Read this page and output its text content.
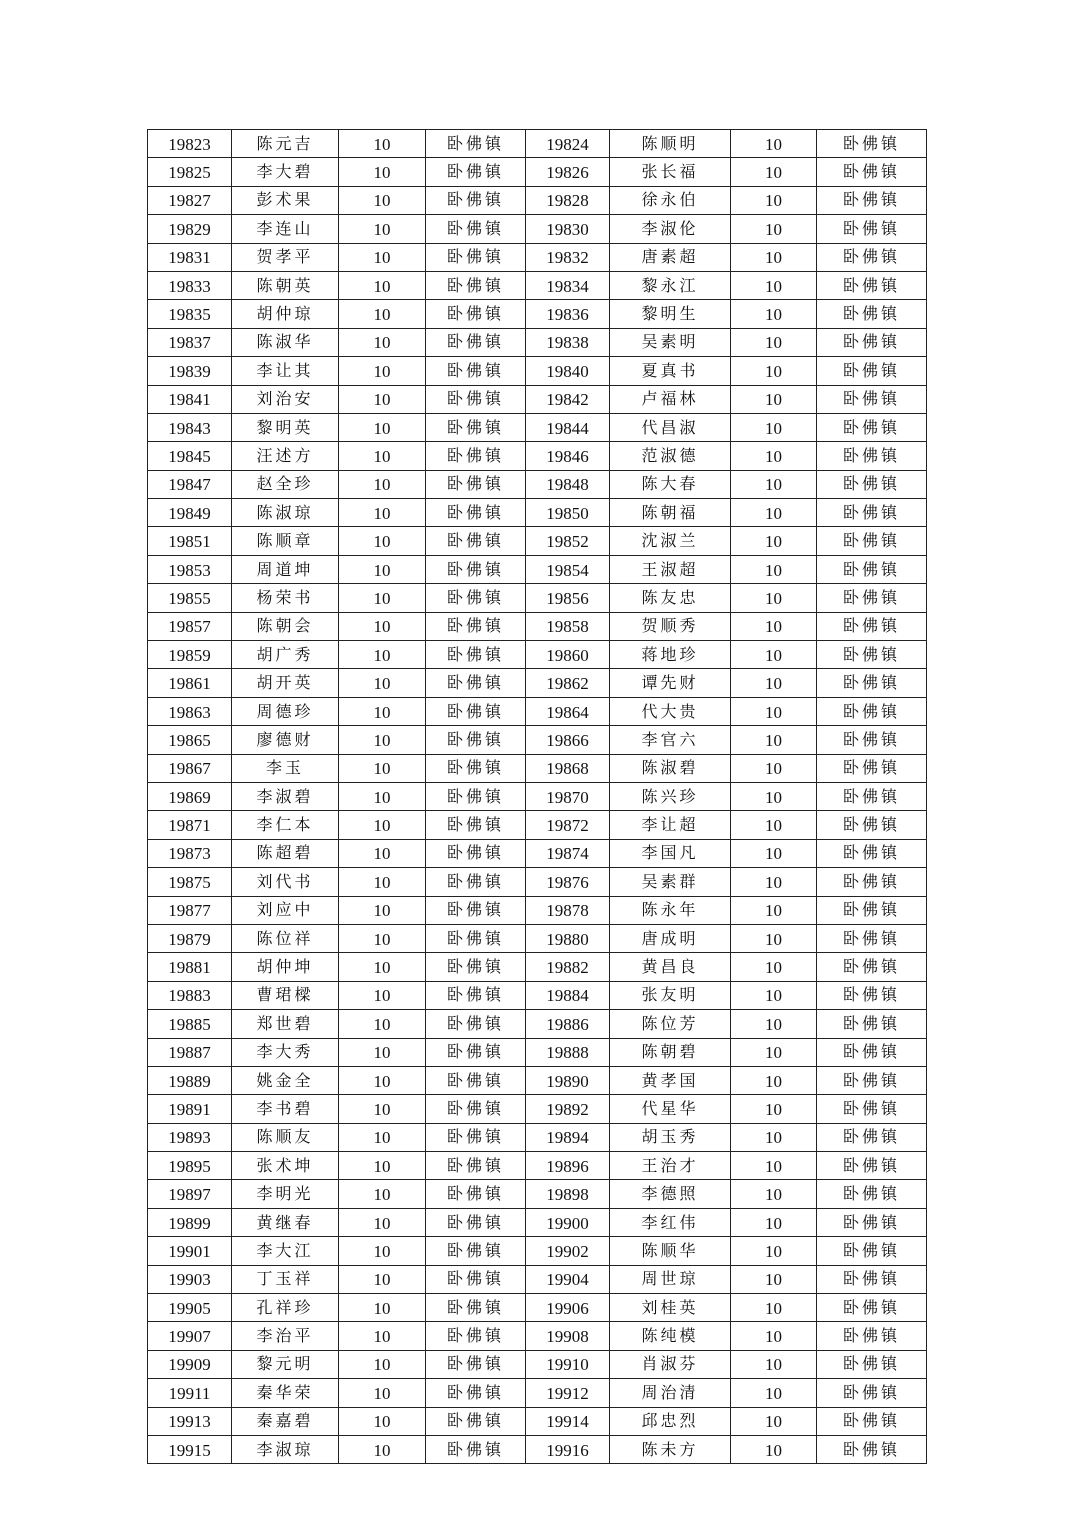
19823	陈元吉	10	卧佛镇	19824	陈顺明	10	卧佛镇
19825	李大碧	10	卧佛镇	19826	张长福	10	卧佛镇
19827	彭术果	10	卧佛镇	19828	徐永伯	10	卧佛镇
19829	李连山	10	卧佛镇	19830	李淑伦	10	卧佛镇
19831	贺孝平	10	卧佛镇	19832	唐素超	10	卧佛镇
19833	陈朝英	10	卧佛镇	19834	黎永江	10	卧佛镇
19835	胡仲琼	10	卧佛镇	19836	黎明生	10	卧佛镇
19837	陈淑华	10	卧佛镇	19838	吴素明	10	卧佛镇
19839	李让其	10	卧佛镇	19840	夏真书	10	卧佛镇
19841	刘治安	10	卧佛镇	19842	卢福林	10	卧佛镇
19843	黎明英	10	卧佛镇	19844	代昌淑	10	卧佛镇
19845	汪述方	10	卧佛镇	19846	范淑德	10	卧佛镇
19847	赵全珍	10	卧佛镇	19848	陈大春	10	卧佛镇
19849	陈淑琼	10	卧佛镇	19850	陈朝福	10	卧佛镇
19851	陈顺章	10	卧佛镇	19852	沈淑兰	10	卧佛镇
19853	周道坤	10	卧佛镇	19854	王淑超	10	卧佛镇
19855	杨荣书	10	卧佛镇	19856	陈友忠	10	卧佛镇
19857	陈朝会	10	卧佛镇	19858	贺顺秀	10	卧佛镇
19859	胡广秀	10	卧佛镇	19860	蒋地珍	10	卧佛镇
19861	胡开英	10	卧佛镇	19862	谭先财	10	卧佛镇
19863	周德珍	10	卧佛镇	19864	代大贵	10	卧佛镇
19865	廖德财	10	卧佛镇	19866	李官六	10	卧佛镇
19867	李玉	10	卧佛镇	19868	陈淑碧	10	卧佛镇
19869	李淑碧	10	卧佛镇	19870	陈兴珍	10	卧佛镇
19871	李仁本	10	卧佛镇	19872	李让超	10	卧佛镇
19873	陈超碧	10	卧佛镇	19874	李国凡	10	卧佛镇
19875	刘代书	10	卧佛镇	19876	吴素群	10	卧佛镇
19877	刘应中	10	卧佛镇	19878	陈永年	10	卧佛镇
19879	陈位祥	10	卧佛镇	19880	唐成明	10	卧佛镇
19881	胡仲坤	10	卧佛镇	19882	黄昌良	10	卧佛镇
19883	曹珺樑	10	卧佛镇	19884	张友明	10	卧佛镇
19885	郑世碧	10	卧佛镇	19886	陈位芳	10	卧佛镇
19887	李大秀	10	卧佛镇	19888	陈朝碧	10	卧佛镇
19889	姚金全	10	卧佛镇	19890	黄孝国	10	卧佛镇
19891	李书碧	10	卧佛镇	19892	代星华	10	卧佛镇
19893	陈顺友	10	卧佛镇	19894	胡玉秀	10	卧佛镇
19895	张术坤	10	卧佛镇	19896	王治才	10	卧佛镇
19897	李明光	10	卧佛镇	19898	李德照	10	卧佛镇
19899	黄继春	10	卧佛镇	19900	李红伟	10	卧佛镇
19901	李大江	10	卧佛镇	19902	陈顺华	10	卧佛镇
19903	丁玉祥	10	卧佛镇	19904	周世琼	10	卧佛镇
19905	孔祥珍	10	卧佛镇	19906	刘桂英	10	卧佛镇
19907	李治平	10	卧佛镇	19908	陈纯模	10	卧佛镇
19909	黎元明	10	卧佛镇	19910	肖淑芬	10	卧佛镇
19911	秦华荣	10	卧佛镇	19912	周治清	10	卧佛镇
19913	秦嘉碧	10	卧佛镇	19914	邱忠烈	10	卧佛镇
19915	李淑琼	10	卧佛镇	19916	陈未方	10	卧佛镇
